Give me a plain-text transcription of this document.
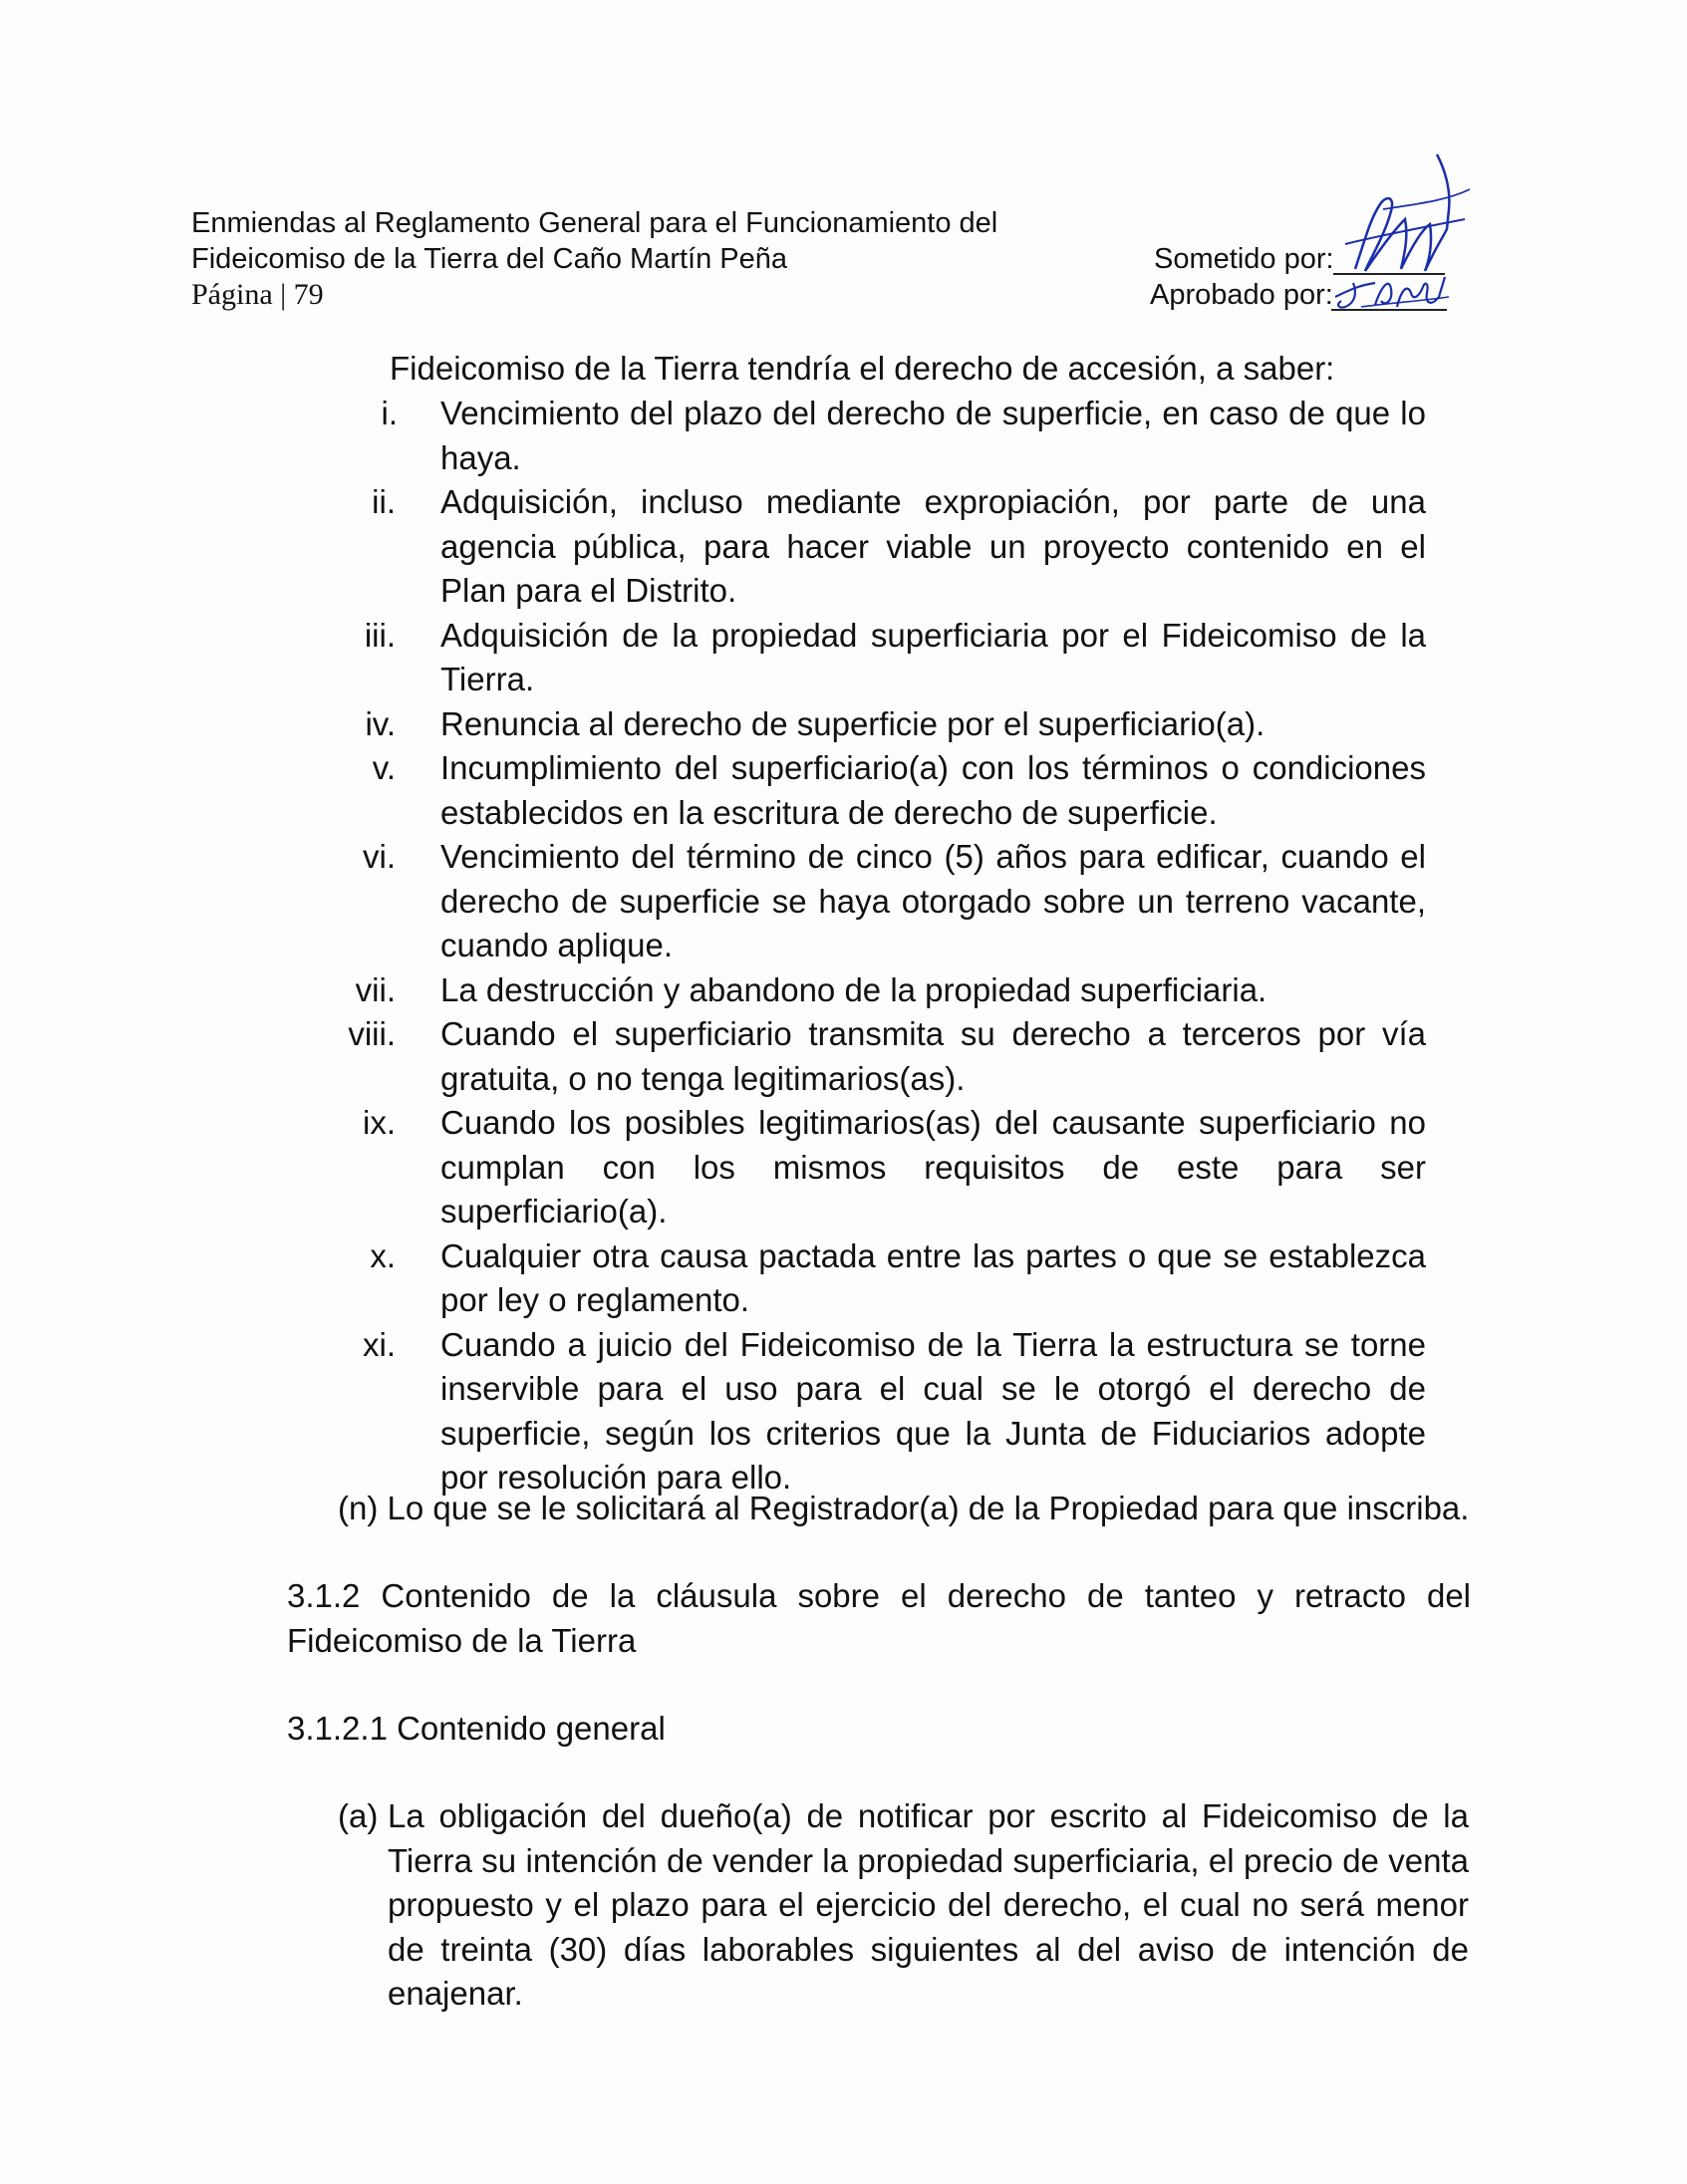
Enmiendas al Reglamento General para el Funcionamiento del
Fideicomiso de la Tierra del Caño Martín Peña
Página | 79
Sometido por:
Aprobado por:
Fideicomiso de la Tierra tendría el derecho de accesión, a saber:
i.	Vencimiento del plazo del derecho de superficie, en caso de que lo haya.
ii.	Adquisición, incluso mediante expropiación, por parte de una agencia pública, para hacer viable un proyecto contenido en el Plan para el Distrito.
iii.	Adquisición de la propiedad superficiaria por el Fideicomiso de la Tierra.
iv.	Renuncia al derecho de superficie por el superficiario(a).
v.	Incumplimiento del superficiario(a) con los términos o condiciones establecidos en la escritura de derecho de superficie.
vi.	Vencimiento del término de cinco (5) años para edificar, cuando el derecho de superficie se haya otorgado sobre un terreno vacante, cuando aplique.
vii.	La destrucción y abandono de la propiedad superficiaria.
viii.	Cuando el superficiario transmita su derecho a terceros por vía gratuita, o no tenga legitimarios(as).
ix.	Cuando los posibles legitimarios(as) del causante superficiario no cumplan con los mismos requisitos de este para ser superficiario(a).
x.	Cualquier otra causa pactada entre las partes o que se establezca por ley o reglamento.
xi.	Cuando a juicio del Fideicomiso de la Tierra la estructura se torne inservible para el uso para el cual se le otorgó el derecho de superficie, según los criterios que la Junta de Fiduciarios adopte por resolución para ello.
(n) Lo que se le solicitará al Registrador(a) de la Propiedad para que inscriba.
3.1.2 Contenido de la cláusula sobre el derecho de tanteo y retracto del
Fideicomiso de la Tierra
3.1.2.1 Contenido general
(a) La obligación del dueño(a) de notificar por escrito al Fideicomiso de la Tierra su intención de vender la propiedad superficiaria, el precio de venta propuesto y el plazo para el ejercicio del derecho, el cual no será menor de treinta (30) días laborables siguientes al del aviso de intención de enajenar.
